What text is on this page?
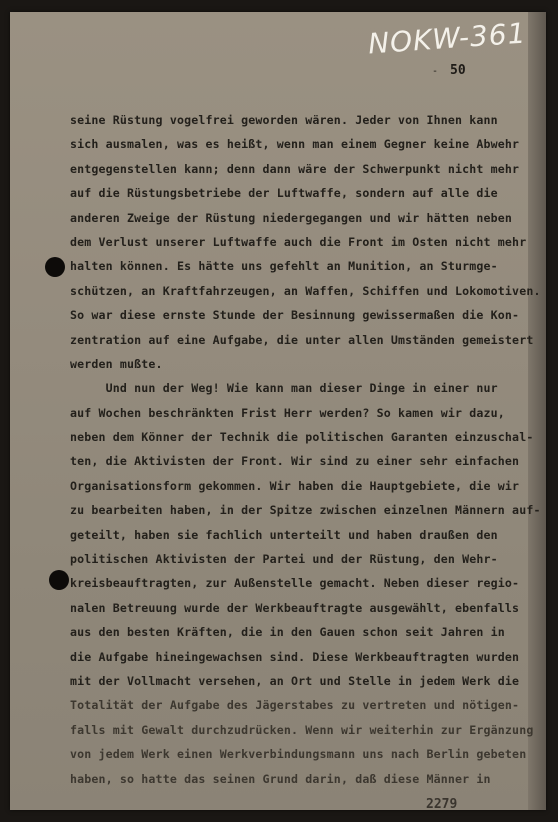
NOKW-361
- 50
seine Rüstung vogelfrei geworden wären. Jeder von Ihnen kann
sich ausmalen, was es heißt, wenn man einem Gegner keine Abwehr
entgegenstellen kann; denn dann wäre der Schwerpunkt nicht mehr
auf die Rüstungsbetriebe der Luftwaffe, sondern auf alle die
anderen Zweige der Rüstung niedergegangen und wir hätten neben
dem Verlust unserer Luftwaffe auch die Front im Osten nicht mehr
halten können. Es hätte uns gefehlt an Munition, an Sturmge-
schützen, an Kraftfahrzeugen, an Waffen, Schiffen und Lokomotiven.
So war diese ernste Stunde der Besinnung gewissermaßen die Kon-
zentration auf eine Aufgabe, die unter allen Umständen gemeistert
werden mußte.
Und nun der Weg! Wie kann man dieser Dinge in einer nur
auf Wochen beschränkten Frist Herr werden? So kamen wir dazu,
neben dem Könner der Technik die politischen Garanten einzuschal-
ten, die Aktivisten der Front. Wir sind zu einer sehr einfachen
Organisationsform gekommen. Wir haben die Hauptgebiete, die wir
zu bearbeiten haben, in der Spitze zwischen einzelnen Männern auf-
geteilt, haben sie fachlich unterteilt und haben draußen den
politischen Aktivisten der Partei und der Rüstung, den Wehr-
kreisbeauftragten, zur Außenstelle gemacht. Neben dieser regio-
nalen Betreuung wurde der Werkbeauftragte ausgewählt, ebenfalls
aus den besten Kräften, die in den Gauen schon seit Jahren in
die Aufgabe hineingewachsen sind. Diese Werkbeauftragten wurden
mit der Vollmacht versehen, an Ort und Stelle in jedem Werk die
Totalität der Aufgabe des Jägerstabes zu vertreten und nötigen-
falls mit Gewalt durchzudrücken. Wenn wir weiterhin zur Ergänzung
von jedem Werk einen Werkverbindungsmann uns nach Berlin gebeten
haben, so hatte das seinen Grund darin, daß diese Männer in
2279
